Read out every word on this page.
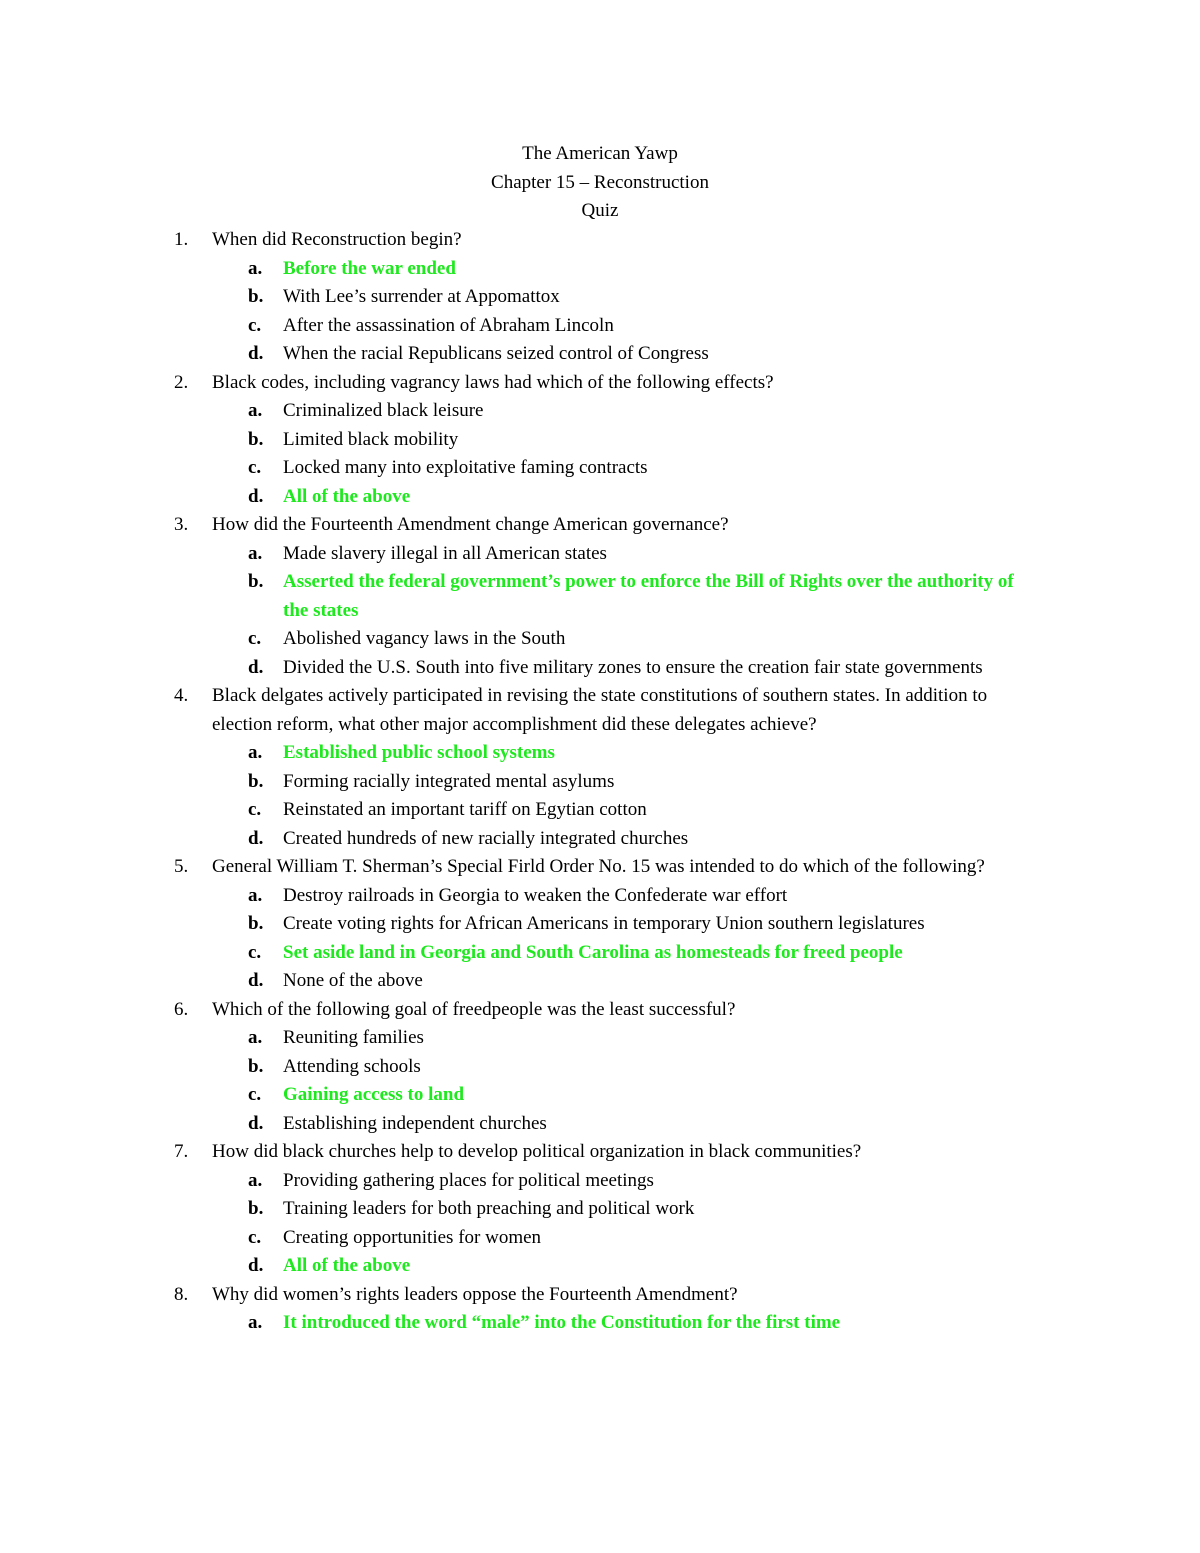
The American Yawp
Chapter 15 – Reconstruction
Quiz
1.	When did Reconstruction begin?
a.	Before the war ended
b.	With Lee’s surrender at Appomattox
c.	After the assassination of Abraham Lincoln
d.	When the racial Republicans seized control of Congress
2.	Black codes, including vagrancy laws had which of the following effects?
a.	Criminalized black leisure
b.	Limited black mobility
c.	Locked many into exploitative faming contracts
d.	All of the above
3.	How did the Fourteenth Amendment change American governance?
a.	Made slavery illegal in all American states
b.	Asserted the federal government’s power to enforce the Bill of Rights over the authority of the states
c.	Abolished vagancy laws in the South
d.	Divided the U.S. South into five military zones to ensure the creation fair state governments
4.	Black delgates actively participated in revising the state constitutions of southern states. In addition to election reform, what other major accomplishment did these delegates achieve?
a.	Established public school systems
b.	Forming racially integrated mental asylums
c.	Reinstated an important tariff on Egytian cotton
d.	Created hundreds of new racially integrated churches
5.	General William T. Sherman’s Special Firld Order No. 15 was intended to do which of the following?
a.	Destroy railroads in Georgia to weaken the Confederate war effort
b.	Create voting rights for African Americans in temporary Union southern legislatures
c.	Set aside land in Georgia and South Carolina as homesteads for freed people
d.	None of the above
6.	Which of the following goal of freedpeople was the least successful?
a.	Reuniting families
b.	Attending schools
c.	Gaining access to land
d.	Establishing independent churches
7.	How did black churches help to develop political organization in black communities?
a.	Providing gathering places for political meetings
b.	Training leaders for both preaching and political work
c.	Creating opportunities for women
d.	All of the above
8.	Why did women’s rights leaders oppose the Fourteenth Amendment?
a.	It introduced the word “male” into the Constitution for the first time
